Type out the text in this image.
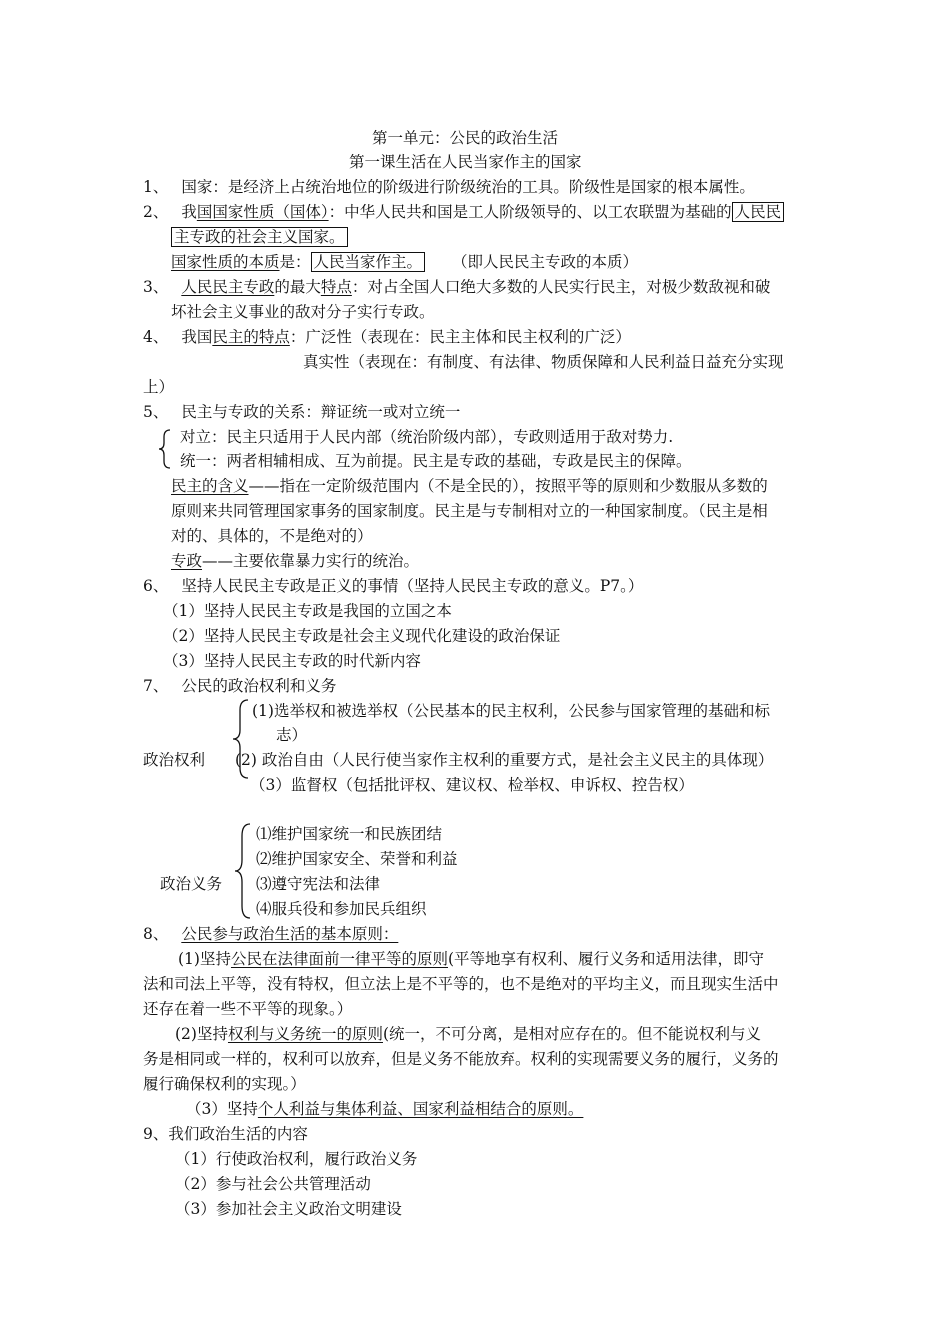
第一单元：公民的政治生活
第一课生活在人民当家作主的国家
1、 国家：是经济上占统治地位的阶级进行阶级统治的工具。阶级性是国家的根本属性。
2、 我国国家性质（国体）：中华人民共和国是工人阶级领导的、以工农联盟为基础的 人民民
主专政的社会主义国家。
国家性质的本质是： 人民当家作主。 （即人民民主专政的本质）
3、 人民民主专政的最大特点：对占全国人口绝大多数的人民实行民主，对极少数敌视和破
坏社会主义事业的敌对分子实行专政。
4、 我国民主的特点：广泛性（表现在：民主主体和民主权利的广泛）
真实性（表现在：有制度、有法律、物质保障和人民利益日益充分实现
上）
5、 民主与专政的关系：辩证统一或对立统一
对立：民主只适用于人民内部（统治阶级内部），专政则适用于敌对势力.
统一：两者相辅相成、互为前提。民主是专政的基础，专政是民主的保障。
民主的含义——指在一定阶级范围内（不是全民的），按照平等的原则和少数服从多数的
原则来共同管理国家事务的国家制度。民主是与专制相对立的一种国家制度。（民主是相
对的、具体的，不是绝对的）
专政——主要依靠暴力实行的统治。
6、 坚持人民民主专政是正义的事情（坚持人民民主专政的意义。P7。）
（1）坚持人民民主专政是我国的立国之本
（2）坚持人民民主专政是社会主义现代化建设的政治保证
（3）坚持人民民主专政的时代新内容
7、 公民的政治权利和义务
(1)选举权和被选举权（公民基本的民主权利，公民参与国家管理的基础和标
志）
政治权利 (2) 政治自由（人民行使当家作主权利的重要方式，是社会主义民主的具体现）
（3）监督权（包括批评权、建议权、检举权、申诉权、控告权）
⑴维护国家统一和民族团结
⑵维护国家安全、荣誉和利益
政治义务 ⑶遵守宪法和法律
⑷服兵役和参加民兵组织
8、 公民参与政治生活的基本原则：
(1)坚持公民在法律面前一律平等的原则(平等地享有权利、履行义务和适用法律，即守
法和司法上平等，没有特权，但立法上是不平等的，也不是绝对的平均主义，而且现实生活中
还存在着一些不平等的现象。）
(2)坚持权利与义务统一的原则(统一，不可分离，是相对应存在的。但不能说权利与义
务是相同或一样的，权利可以放弃，但是义务不能放弃。权利的实现需要义务的履行，义务的
履行确保权利的实现。）
（3）坚持个人利益与集体利益、国家利益相结合的原则。
9、我们政治生活的内容
（1）行使政治权利，履行政治义务
（2）参与社会公共管理活动
（3）参加社会主义政治文明建设
